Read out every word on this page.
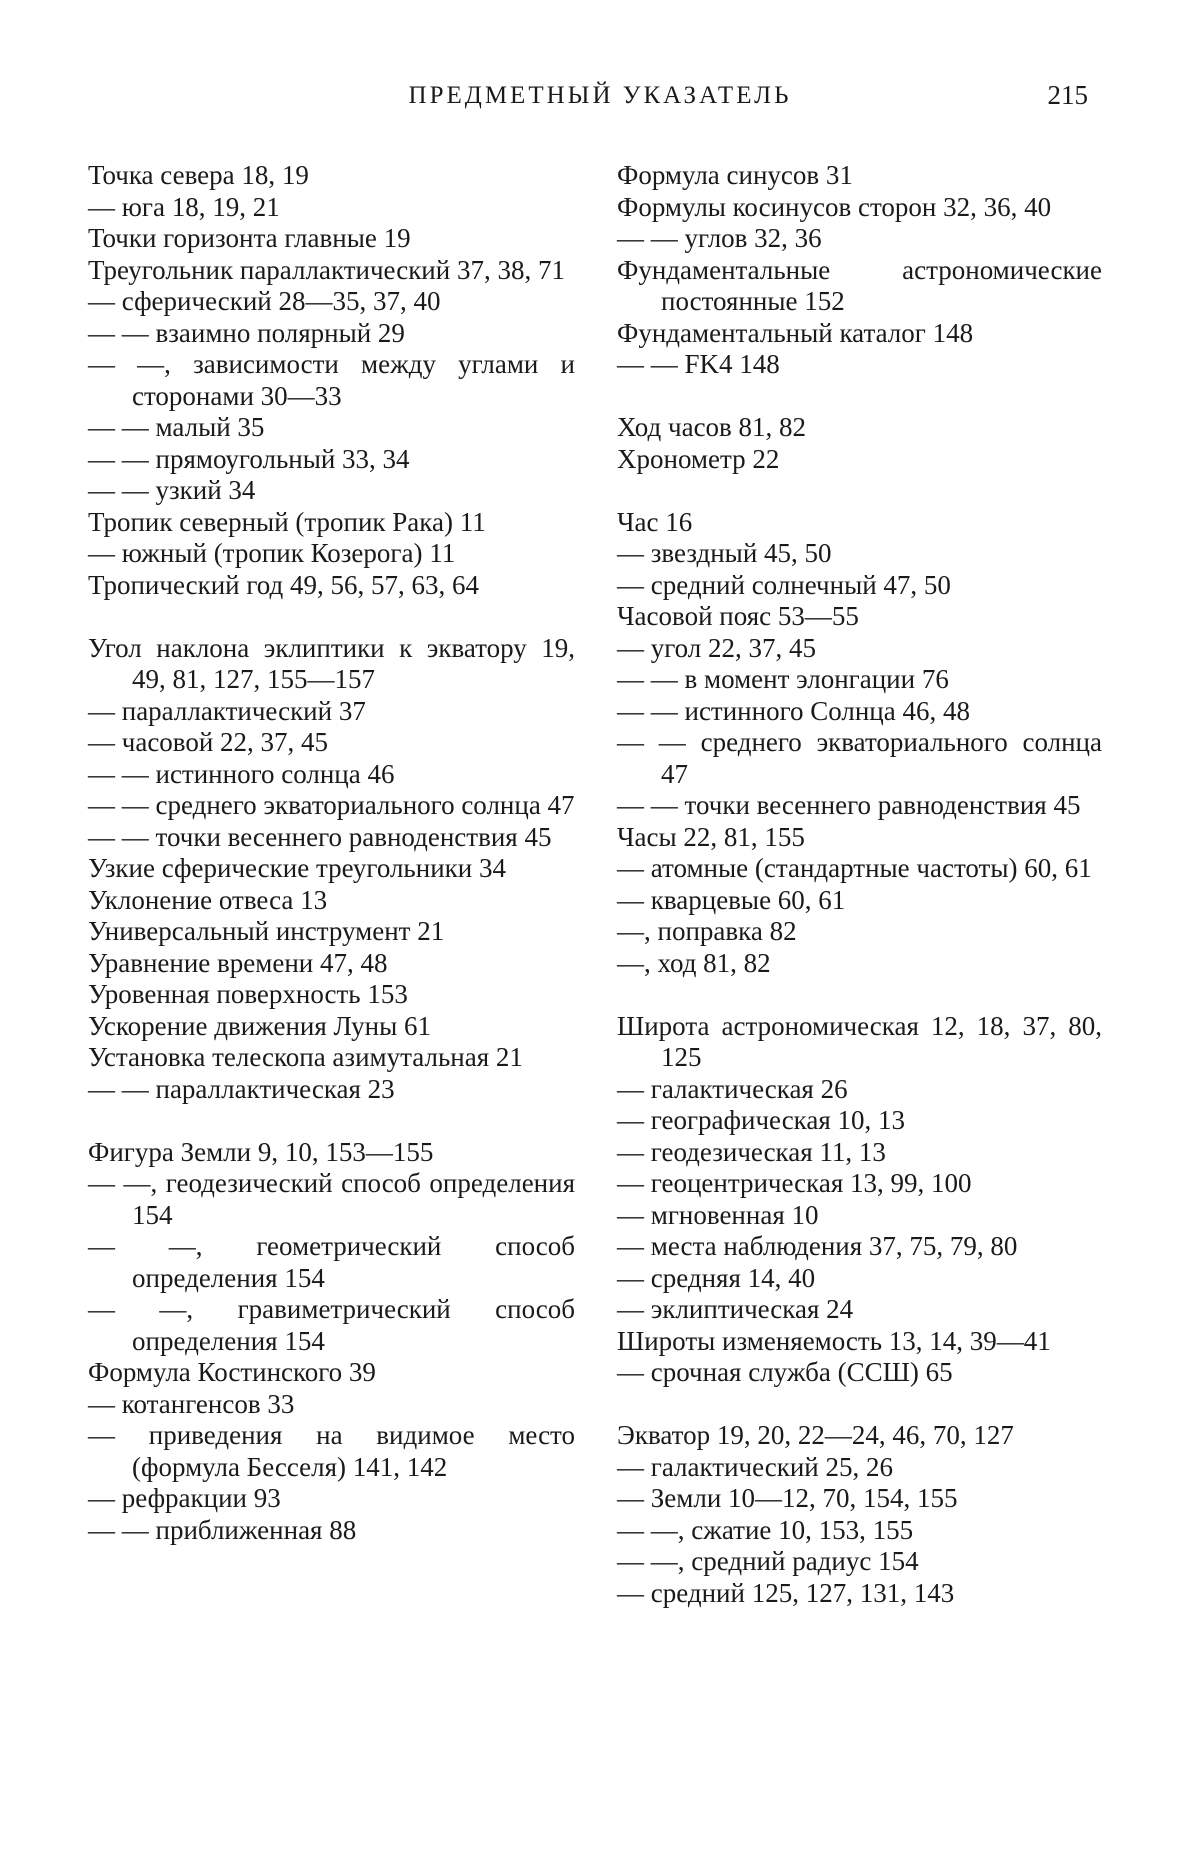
ПРЕДМЕТНЫЙ УКАЗАТЕЛЬ	215
Точка севера 18, 19
— юга 18, 19, 21
Точки горизонта главные 19
Треугольник параллактический 37, 38, 71
— сферический 28—35, 37, 40
— — взаимно полярный 29
— —, зависимости между углами и сторонами 30—33
— — малый 35
— — прямоугольный 33, 34
— — узкий 34
Тропик северный (тропик Рака) 11
— южный (тропик Козерога) 11
Тропический год 49, 56, 57, 63, 64
Угол наклона эклиптики к экватору 19, 49, 81, 127, 155—157
— параллактический 37
— часовой 22, 37, 45
— — истинного солнца 46
— — среднего экваториального солнца 47
— — точки весеннего равноденствия 45
Узкие сферические треугольники 34
Уклонение отвеса 13
Универсальный инструмент 21
Уравнение времени 47, 48
Уровенная поверхность 153
Ускорение движения Луны 61
Установка телескопа азимутальная 21
— — параллактическая 23
Фигура Земли 9, 10, 153—155
— —, геодезический способ определения 154
— —, геометрический способ определения 154
— —, гравиметрический способ определения 154
Формула Костинского 39
— котангенсов 33
— приведения на видимое место (формула Бесселя) 141, 142
— рефракции 93
— — приближенная 88
Формула синусов 31
Формулы косинусов сторон 32, 36, 40
— — углов 32, 36
Фундаментальные астрономические постоянные 152
Фундаментальный каталог 148
— — FK4 148
Ход часов 81, 82
Хронометр 22
Час 16
— звездный 45, 50
— средний солнечный 47, 50
Часовой пояс 53—55
— угол 22, 37, 45
— — в момент элонгации 76
— — истинного Солнца 46, 48
— — среднего экваториального солнца 47
— — точки весеннего равноденствия 45
Часы 22, 81, 155
— атомные (стандартные частоты) 60, 61
— кварцевые 60, 61
—, поправка 82
—, ход 81, 82
Широта астрономическая 12, 18, 37, 80, 125
— галактическая 26
— географическая 10, 13
— геодезическая 11, 13
— геоцентрическая 13, 99, 100
— мгновенная 10
— места наблюдения 37, 75, 79, 80
— средняя 14, 40
— эклиптическая 24
Широты изменяемость 13, 14, 39—41
— срочная служба (ССШ) 65
Экватор 19, 20, 22—24, 46, 70, 127
— галактический 25, 26
— Земли 10—12, 70, 154, 155
— —, сжатие 10, 153, 155
— —, средний радиус 154
— средний 125, 127, 131, 143
